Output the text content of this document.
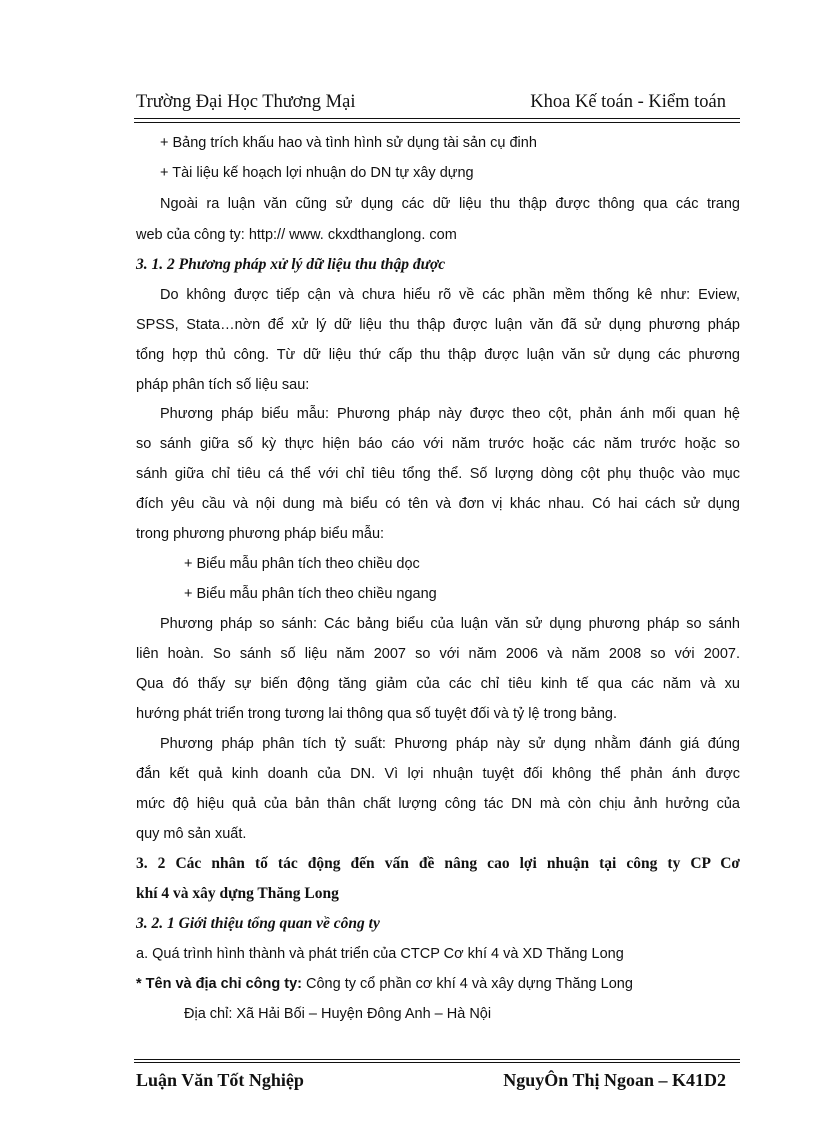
Trường Đại Học Thương Mại	Khoa Kế toán - Kiểm toán
+ Bảng trích khấu hao và tình hình sử dụng tài sản cụ đinh
+ Tài liệu kế hoạch lợi nhuận do DN tự xây dựng
Ngoài ra luận văn cũng sử dụng các dữ liệu thu thập được thông qua các trang
web của công ty: http:// www. ckxdthanglong. com
3. 1. 2 Phương pháp xử lý dữ liệu thu thập được
Do không được tiếp cận và chưa hiểu rõ về các phần mềm thống kê như: Eview,
SPSS, Stata…nờn để xử lý dữ liệu thu thập được luận văn đã sử dụng phương pháp
tổng hợp thủ công. Từ dữ liệu thứ cấp thu thập được luận văn sử dụng các phương
pháp phân tích số liệu sau:
Phương pháp biểu mẫu: Phương pháp này được theo cột, phản ánh mối quan hệ
so sánh giữa số kỳ thực hiện báo cáo với năm trước hoặc các năm trước hoặc so
sánh giữa chỉ tiêu cá thể với chỉ tiêu tổng thể. Số lượng dòng cột phụ thuộc vào mục
đích yêu cầu và nội dung mà biểu có tên và đơn vị khác nhau. Có hai cách sử dụng
trong phương phương pháp biểu mẫu:
+ Biểu mẫu phân tích theo chiều dọc
+ Biểu mẫu phân tích theo chiều ngang
Phương pháp so sánh: Các bảng biểu của luận văn sử dụng phương pháp so sánh
liên hoàn. So sánh số liệu năm 2007 so với năm 2006 và năm 2008 so với 2007.
Qua đó thấy sự biến động tăng giảm của các chỉ tiêu kinh tế qua các năm và xu
hướng phát triển trong tương lai thông qua số tuyệt đối và tỷ lệ trong bảng.
Phương pháp phân tích tỷ suất: Phương pháp này sử dụng nhằm đánh giá đúng
đắn kết quả kinh doanh của DN. Vì lợi nhuận tuyệt đối không thể phản ánh được
mức độ hiệu quả của bản thân chất lượng công tác DN mà còn chịu ảnh hưởng của
quy mô sản xuất.
3. 2 Các nhân tố tác động đến vấn đề nâng cao lợi nhuận tại công ty CP Cơ
khí 4 và xây dựng Thăng Long
3. 2. 1 Giới thiệu tổng quan về công ty
a. Quá trình hình thành và phát triển của CTCP Cơ khí 4 và XD Thăng Long
* Tên và địa chỉ công ty: Công ty cổ phần cơ khí 4 và xây dựng Thăng Long
Địa chỉ: Xã Hải Bối – Huyện Đông Anh – Hà Nội
Luận Văn Tốt Nghiệp	NguyÔn Thị Ngoan – K41D2
